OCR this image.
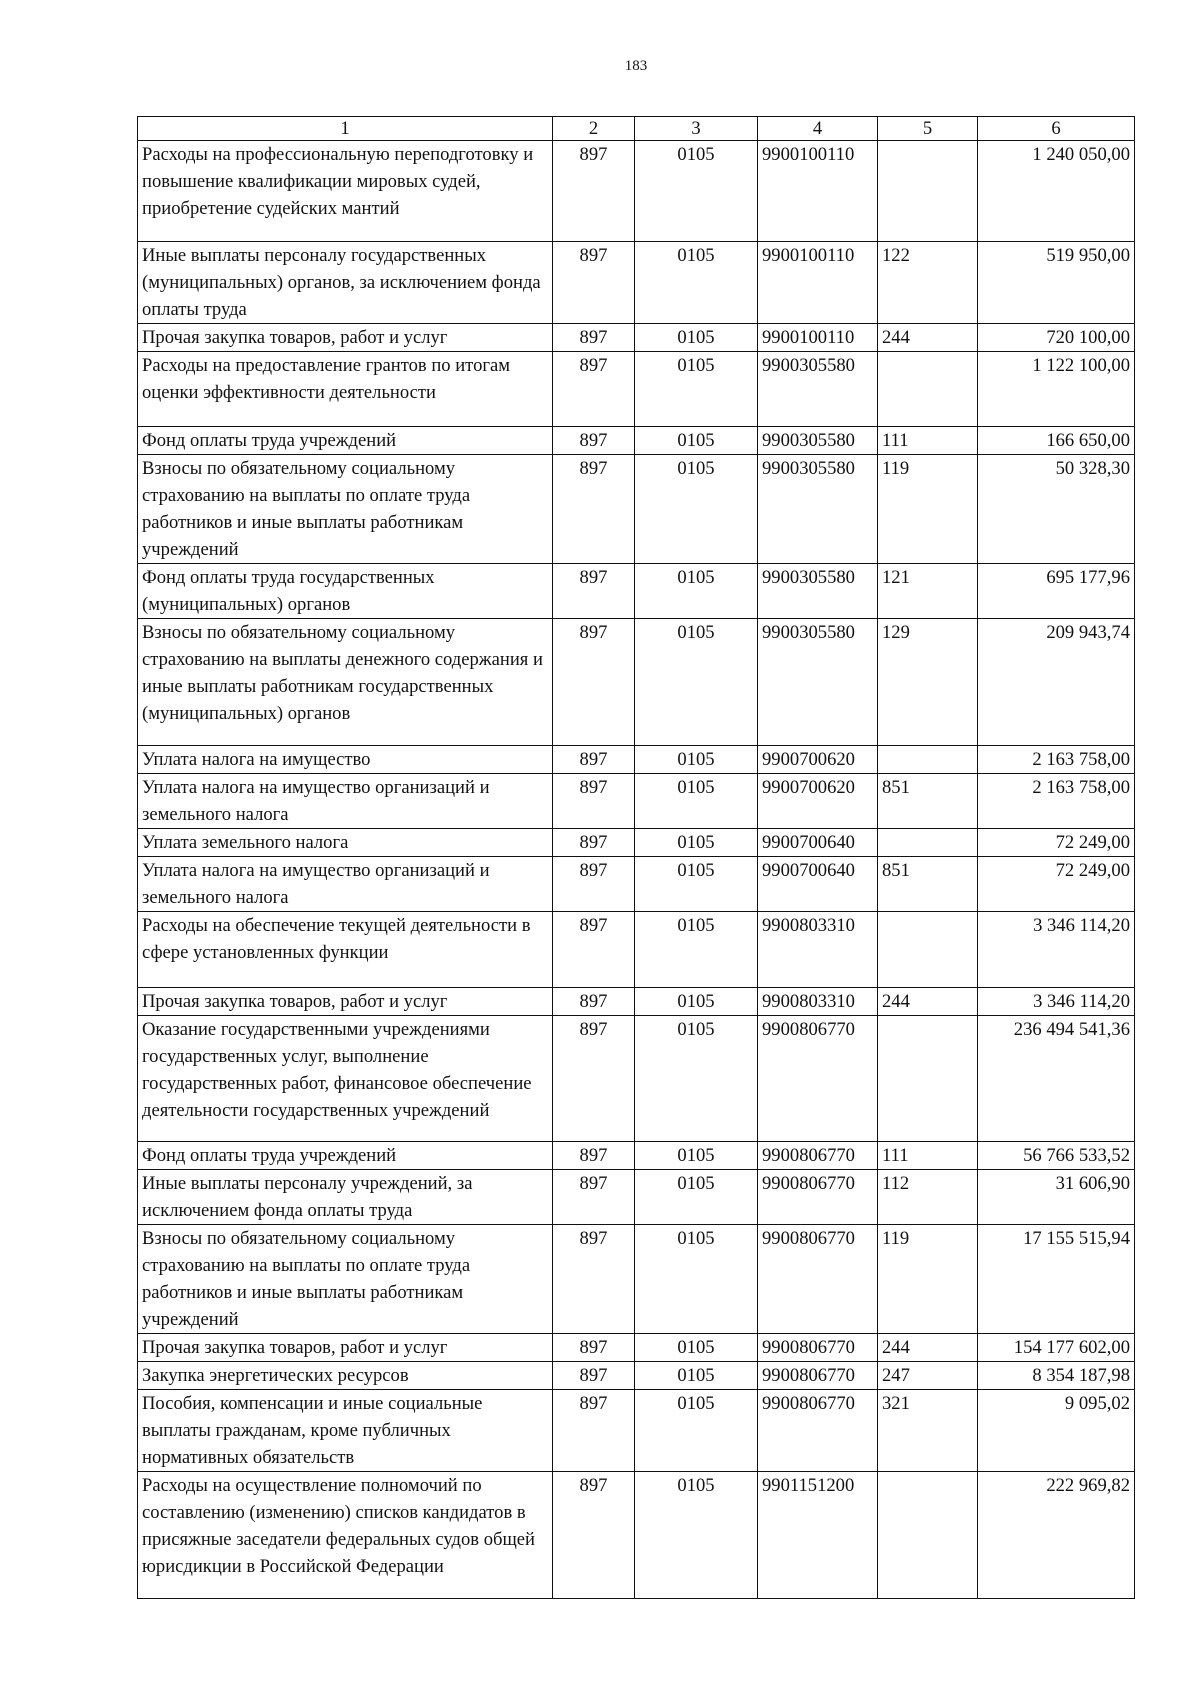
183
1	2	3	4	5	6
Расходы на профессиональную переподготовку и повышение квалификации мировых судей, приобретение судейских мантий	897	0105	9900100110		1 240 050,00
Иные выплаты персоналу государственных (муниципальных) органов, за исключением фонда оплаты труда	897	0105	9900100110	122	519 950,00
Прочая закупка товаров, работ и услуг	897	0105	9900100110	244	720 100,00
Расходы на предоставление грантов по итогам оценки эффективности деятельности	897	0105	9900305580		1 122 100,00
Фонд оплаты труда учреждений	897	0105	9900305580	111	166 650,00
Взносы по обязательному социальному страхованию на выплаты по оплате труда работников и иные выплаты работникам учреждений	897	0105	9900305580	119	50 328,30
Фонд оплаты труда государственных (муниципальных) органов	897	0105	9900305580	121	695 177,96
Взносы по обязательному социальному страхованию на выплаты денежного содержания и иные выплаты работникам государственных (муниципальных) органов	897	0105	9900305580	129	209 943,74
Уплата налога на имущество	897	0105	9900700620		2 163 758,00
Уплата налога на имущество организаций и земельного налога	897	0105	9900700620	851	2 163 758,00
Уплата земельного налога	897	0105	9900700640		72 249,00
Уплата налога на имущество организаций и земельного налога	897	0105	9900700640	851	72 249,00
Расходы на обеспечение текущей деятельности в сфере установленных функции	897	0105	9900803310		3 346 114,20
Прочая закупка товаров, работ и услуг	897	0105	9900803310	244	3 346 114,20
Оказание государственными учреждениями государственных услуг, выполнение государственных работ, финансовое обеспечение деятельности государственных учреждений	897	0105	9900806770		236 494 541,36
Фонд оплаты труда учреждений	897	0105	9900806770	111	56 766 533,52
Иные выплаты персоналу учреждений, за исключением фонда оплаты труда	897	0105	9900806770	112	31 606,90
Взносы по обязательному социальному страхованию на выплаты по оплате труда работников и иные выплаты работникам учреждений	897	0105	9900806770	119	17 155 515,94
Прочая закупка товаров, работ и услуг	897	0105	9900806770	244	154 177 602,00
Закупка энергетических ресурсов	897	0105	9900806770	247	8 354 187,98
Пособия, компенсации и иные социальные выплаты гражданам, кроме публичных нормативных обязательств	897	0105	9900806770	321	9 095,02
Расходы на осуществление полномочий по составлению (изменению) списков кандидатов в присяжные заседатели федеральных судов общей юрисдикции в Российской Федерации	897	0105	9901151200		222 969,82
